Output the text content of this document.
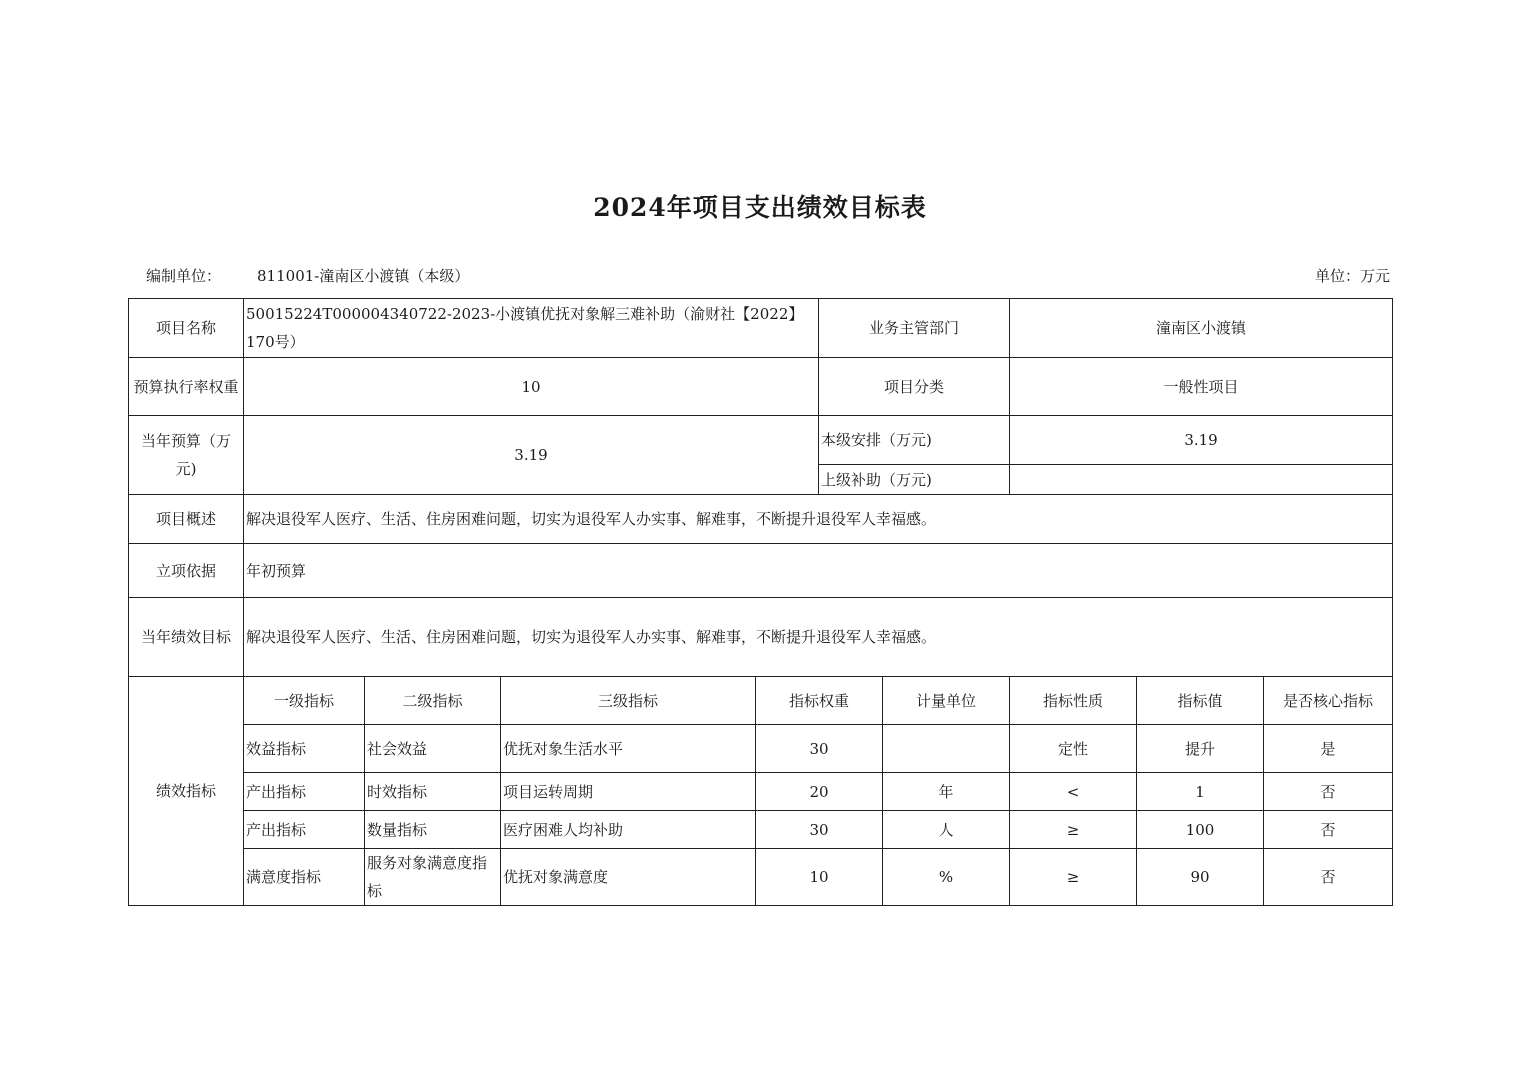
2024年项目支出绩效目标表
编制单位： 811001-潼南区小渡镇（本级）	单位：万元
项目名称	50015224T000004340722-2023-小渡镇优抚对象解三难补助（渝财社【2022】170号）				业务主管部门		潼南区小渡镇		
预算执行率权重	10				项目分类		一般性项目		
当年预算（万元)	3.19				本级安排（万元)		3.19		
					上级补助（万元)				
项目概述	解决退役军人医疗、生活、住房困难问题，切实为退役军人办实事、解难事，不断提升退役军人幸福感。								
立项依据	年初预算								
当年绩效目标	解决退役军人医疗、生活、住房困难问题，切实为退役军人办实事、解难事，不断提升退役军人幸福感。								
绩效指标	一级指标	二级指标	三级指标	指标权重		计量单位	指标性质	指标值	是否核心指标
	效益指标	社会效益	优抚对象生活水平	30			定性	提升	是
	产出指标	时效指标	项目运转周期	20		年	<	1	否
	产出指标	数量指标	医疗困难人均补助	30		人	≥	100	否
	满意度指标	服务对象满意度指标	优抚对象满意度	10		%	≥	90	否
